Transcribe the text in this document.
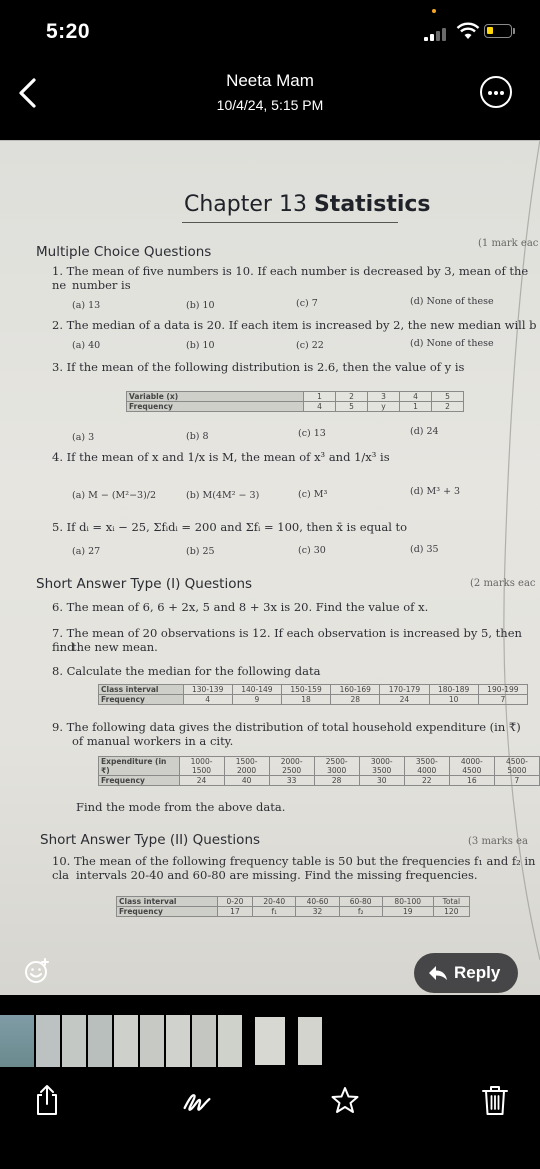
5:20
Neeta Mam
10/4/24, 5:15 PM
Chapter 13 Statistics
Multiple Choice Questions
(1 mark eac
1. The mean of five numbers is 10. If each number is decreased by 3, mean of the ne number is
(a) 13	(b) 10	(c) 7	(d) None of these
2. The median of a data is 20. If each item is increased by 2, the new median will b
(a) 40	(b) 10	(c) 22	(d) None of these
3. If the mean of the following distribution is 2.6, then the value of y is
Variable (x)	1	2	3	4	5
Frequency	4	5	y	1	2
(a) 3	(b) 8	(c) 13	(d) 24
4. If the mean of x and 1/x is M, the mean of x³ and 1/x³ is
(a) M − (M²−3)/2	(b) M(4M² − 3)	(c) M³	(d) M³ + 3
5. If dᵢ = xᵢ − 25, Σfᵢdᵢ = 200 and Σfᵢ = 100, then x̄ is equal to
(a) 27	(b) 25	(c) 30	(d) 35
Short Answer Type (I) Questions	(2 marks eac
6. The mean of 6, 6 + 2x, 5 and 8 + 3x is 20. Find the value of x.
7. The mean of 20 observations is 12. If each observation is increased by 5, then find
the new mean.
8. Calculate the median for the following data
Class interval	130-139	140-149	150-159	160-169	170-179	180-189	190-199
Frequency	4	9	18	28	24	10	7
9. The following data gives the distribution of total household expenditure (in ₹)
of manual workers in a city.
Expenditure (in ₹)	1000-1500	1500-2000	2000-2500	2500-3000	3000-3500	3500-4000	4000-4500	4500-5000
Frequency	24	40	33	28	30	22	16	7
Find the mode from the above data.
Short Answer Type (II) Questions	(3 marks ea
10. The mean of the following frequency table is 50 but the frequencies f₁ and f₂ in cla intervals 20-40 and 60-80 are missing. Find the missing frequencies.
Class interval	0-20	20-40	40-60	60-80	80-100	Total
Frequency	17	f₁	32	f₂	19	120
Reply
